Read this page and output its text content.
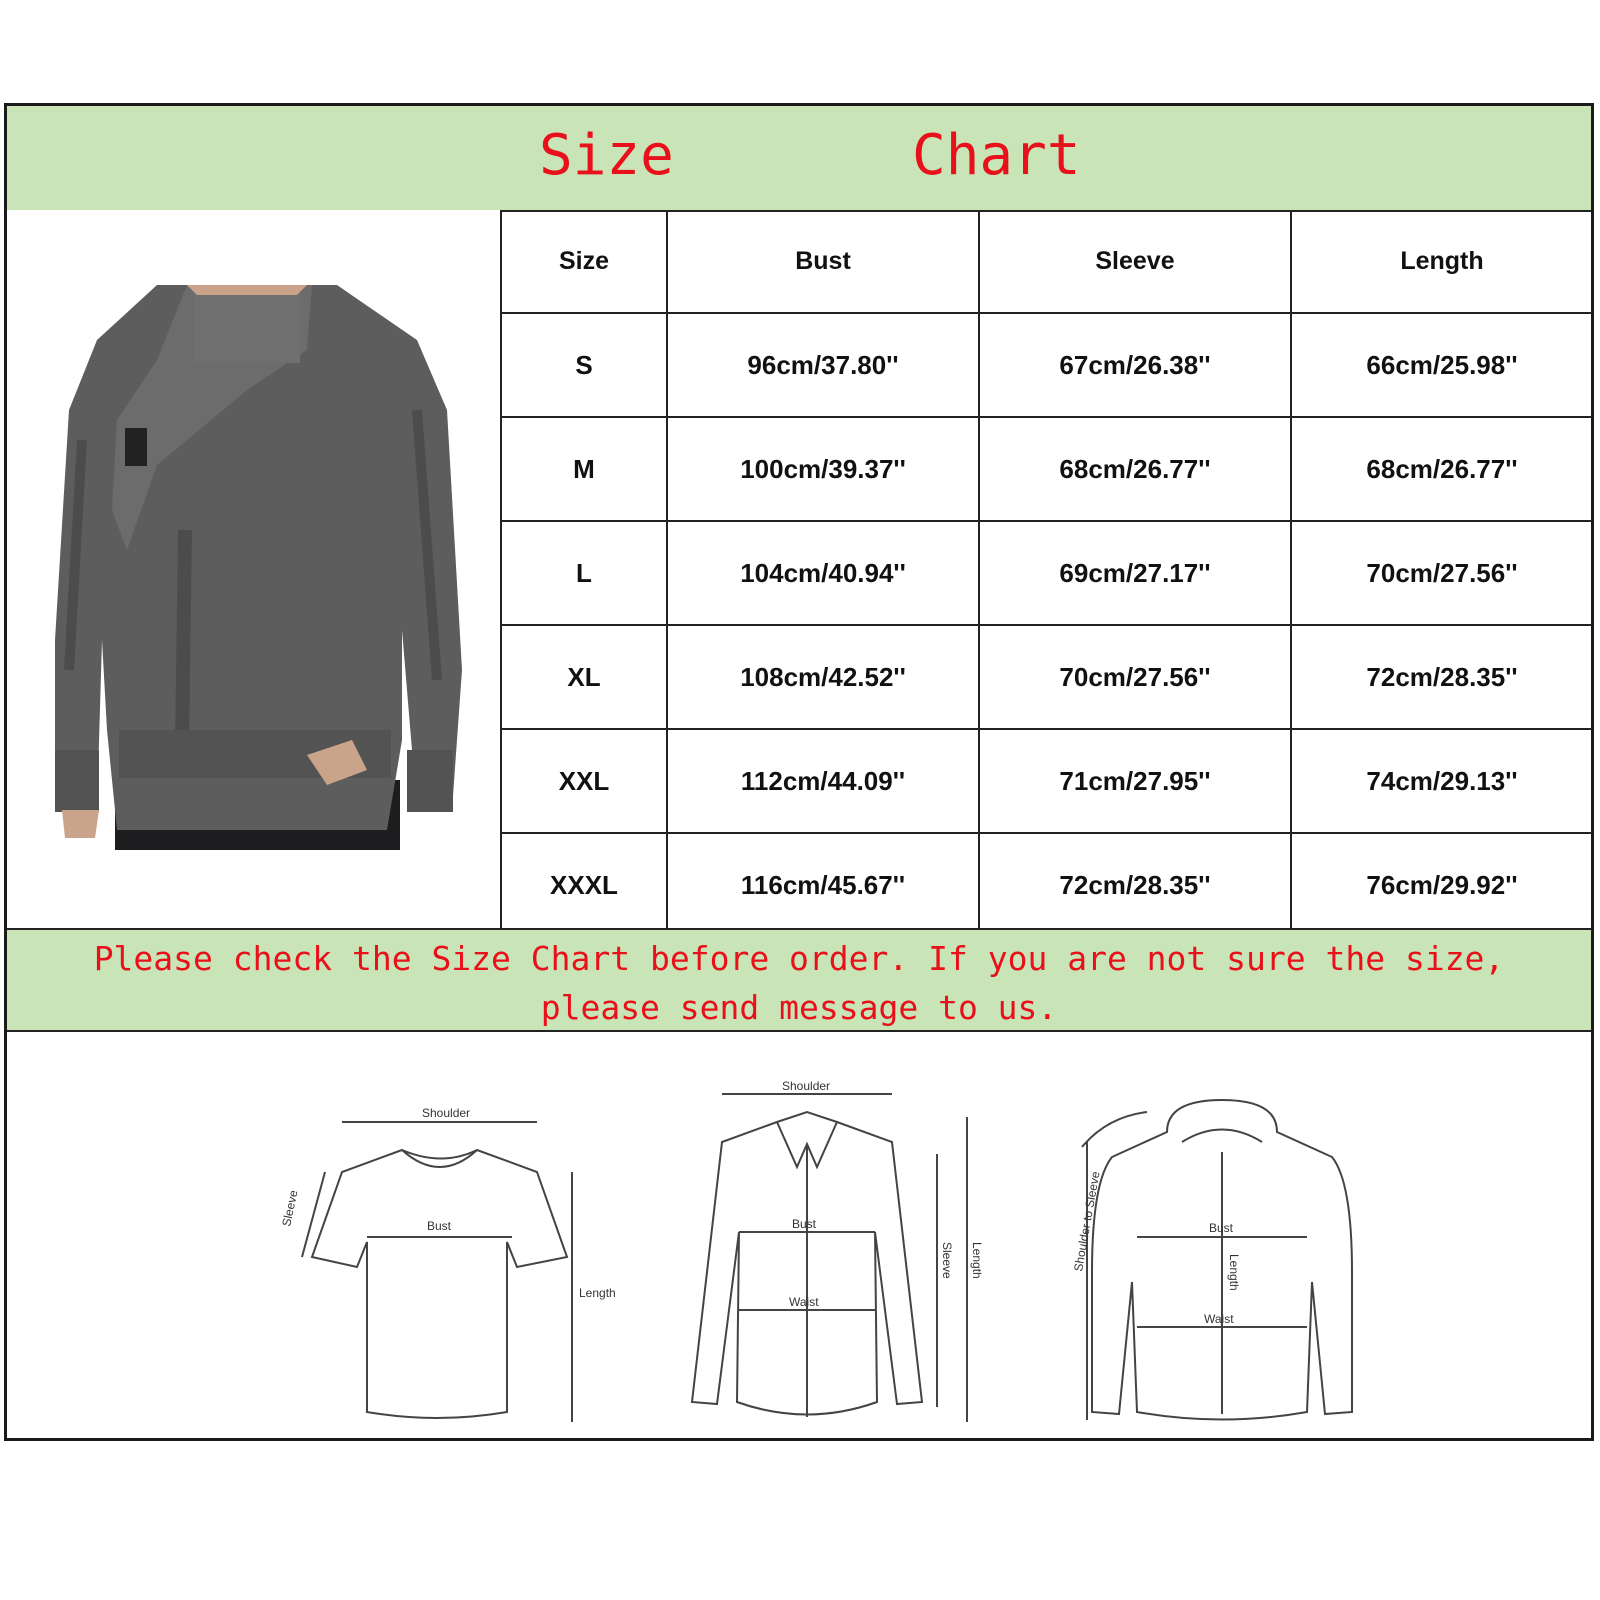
Size	Chart
Size	Bust	Sleeve	Length
S	96cm/37.80''	67cm/26.38''	66cm/25.98''
M	100cm/39.37''	68cm/26.77''	68cm/26.77''
L	104cm/40.94''	69cm/27.17''	70cm/27.56''
XL	108cm/42.52''	70cm/27.56''	72cm/28.35''
XXL	112cm/44.09''	71cm/27.95''	74cm/29.13''
XXXL	116cm/45.67''	72cm/28.35''	76cm/29.92''
Please check the Size Chart before order. If you are not sure the size,
please send message to us.
Shoulder
Bust
Length
Sleeve
Shoulder
Bust
Waist
Sleeve Length
Bust
Length
Waist
Shoulder to Sleeve
